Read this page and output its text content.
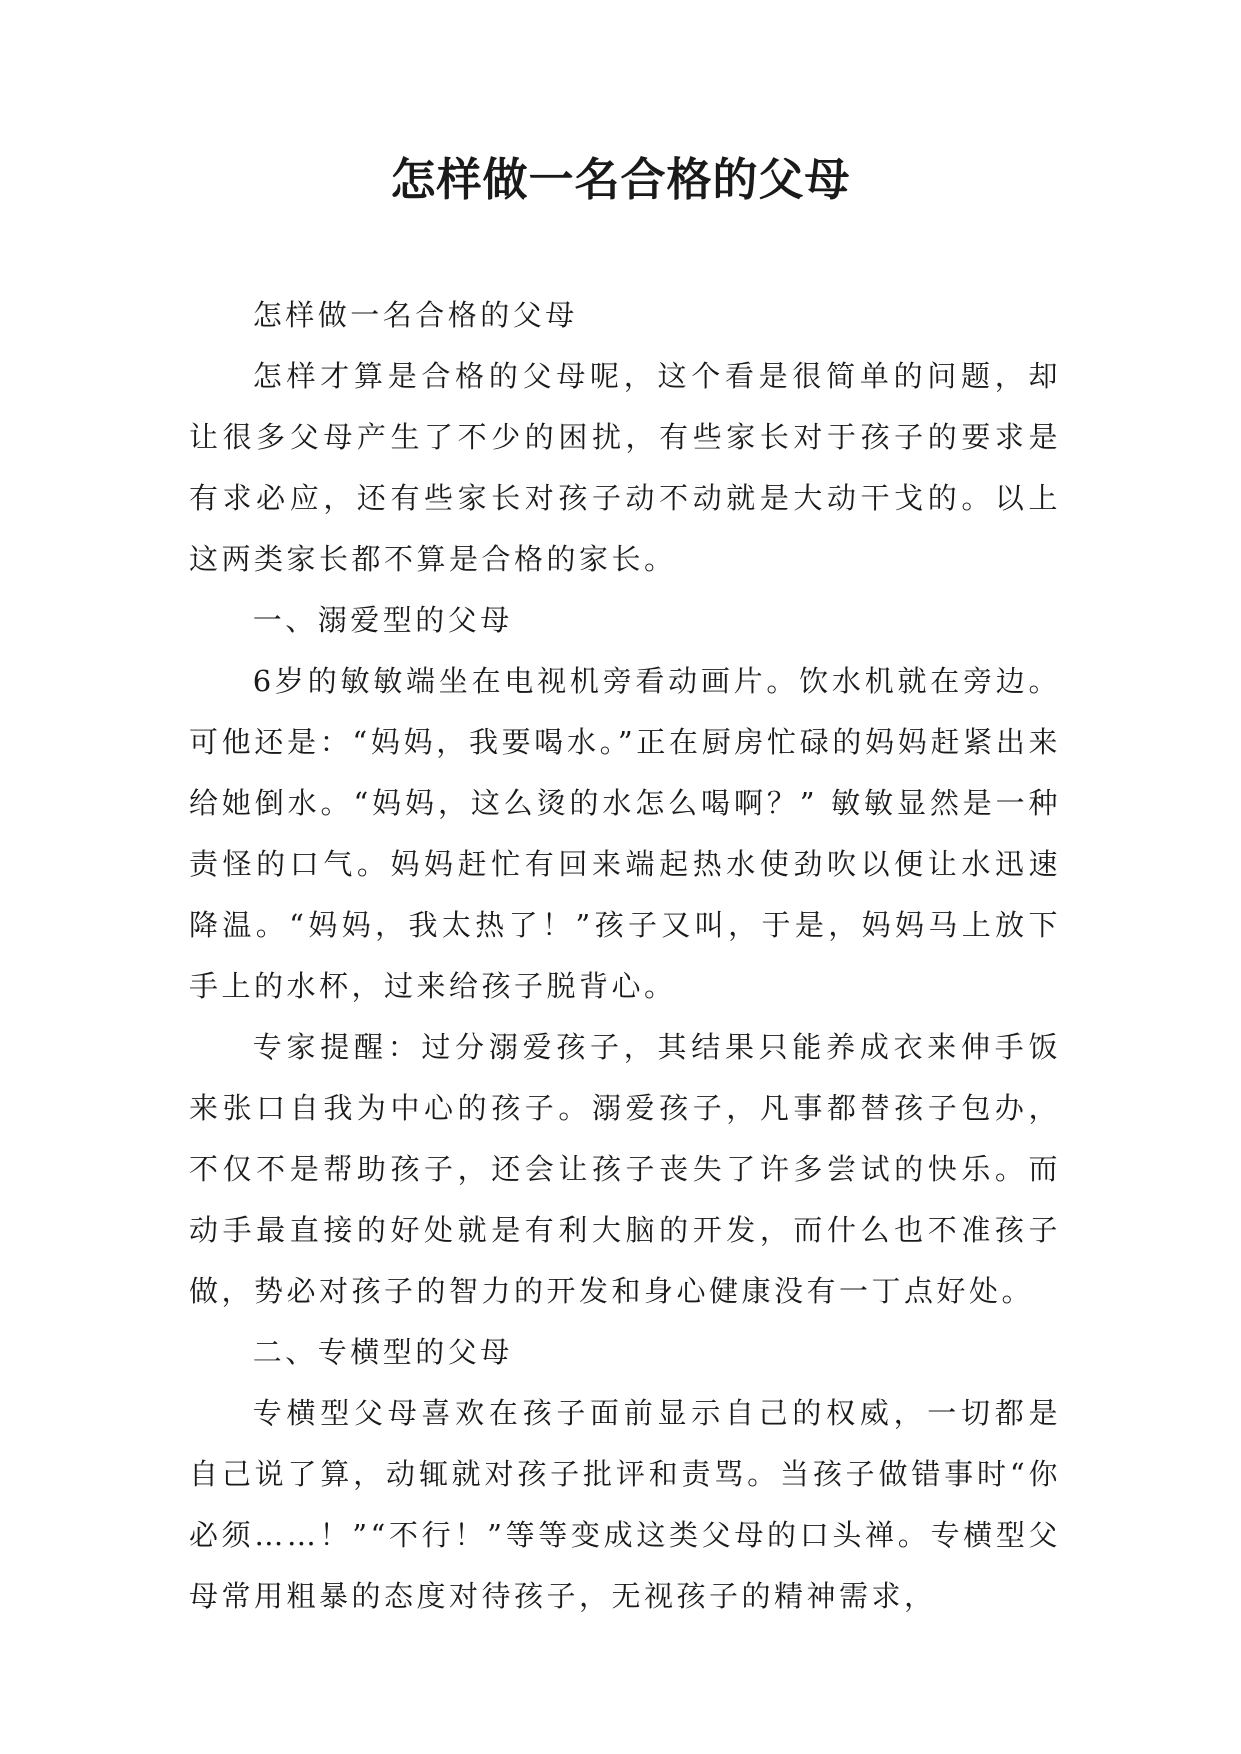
怎样做一名合格的父母

怎样做一名合格的父母

怎样才算是合格的父母呢，这个看是很简单的问题，却让很多父母产生了不少的困扰，有些家长对于孩子的要求是有求必应，还有些家长对孩子动不动就是大动干戈的。以上这两类家长都不算是合格的家长。

一、溺爱型的父母

6岁的敏敏端坐在电视机旁看动画片。饮水机就在旁边。可他还是：“妈妈，我要喝水。”正在厨房忙碌的妈妈赶紧出来给她倒水。“妈妈，这么烫的水怎么喝啊？” 敏敏显然是一种责怪的口气。妈妈赶忙有回来端起热水使劲吹以便让水迅速降温。“妈妈，我太热了！”孩子又叫，于是，妈妈马上放下手上的水杯，过来给孩子脱背心。

专家提醒：过分溺爱孩子，其结果只能养成衣来伸手饭来张口自我为中心的孩子。溺爱孩子，凡事都替孩子包办，不仅不是帮助孩子，还会让孩子丧失了许多尝试的快乐。而动手最直接的好处就是有利大脑的开发，而什么也不准孩子做，势必对孩子的智力的开发和身心健康没有一丁点好处。

二、专横型的父母

专横型父母喜欢在孩子面前显示自己的权威，一切都是自己说了算，动辄就对孩子批评和责骂。当孩子做错事时“你必须……！”“不行！”等等变成这类父母的口头禅。专横型父母常用粗暴的态度对待孩子，无视孩子的精神需求，
